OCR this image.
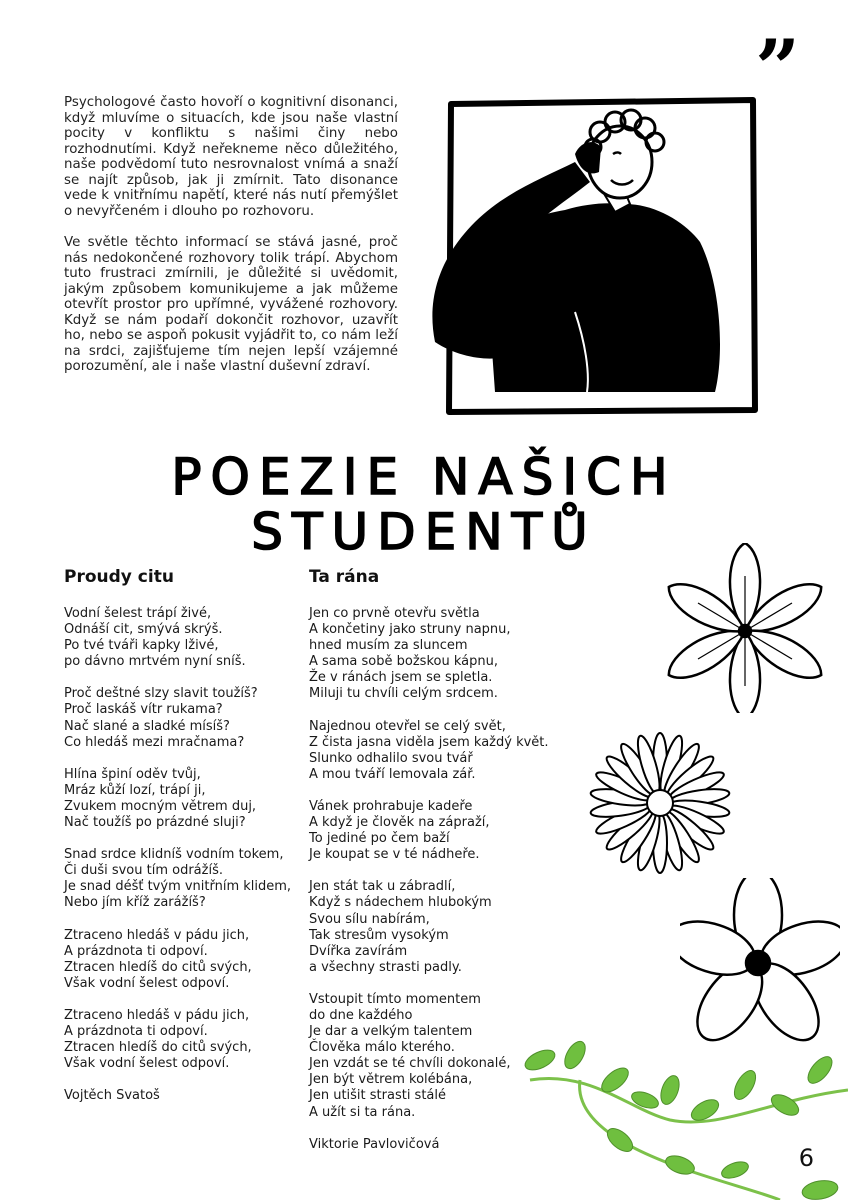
”

Psychologové často hovoří o kognitivní disonanci, když mluvíme o situacích, kde jsou naše vlastní pocity v konfliktu s našimi činy nebo rozhodnutími. Když neřekneme něco důležitého, naše podvědomí tuto nesrovnalost vnímá a snaží se najít způsob, jak ji zmírnit. Tato disonance vede k vnitřnímu napětí, které nás nutí přemýšlet o nevyřčeném i dlouho po rozhovoru.

Ve světle těchto informací se stává jasné, proč nás nedokončené rozhovory tolik trápí. Abychom tuto frustraci zmírnili, je důležité si uvědomit, jakým způsobem komunikujeme a jak můžeme otevřít prostor pro upřímné, vyvážené rozhovory. Když se nám podaří dokončit rozhovor, uzavřít ho, nebo se aspoň pokusit vyjádřit to, co nám leží na srdci, zajišťujeme tím nejen lepší vzájemné porozumění, ale i naše vlastní duševní zdraví.

POEZIE NAŠICH STUDENTŮ
Proudy citu
Vodní šelest trápí živé,
Odnáší cit, smývá skrýš.
Po tvé tváři kapky lživé,
po dávno mrtvém nyní sníš.
Proč deštné slzy slavit toužíš?
Proč laskáš vítr rukama?
Nač slané a sladké mísíš?
Co hledáš mezi mračnama?
Hlína špiní oděv tvůj,
Mráz kůží lozí, trápí ji,
Zvukem mocným větrem duj,
Nač toužíš po prázdné sluji?
Snad srdce klidníš vodním tokem,
Či duši svou tím odrážíš.
Je snad déšť tvým vnitřním klidem,
Nebo jím kříž zarážíš?
Ztraceno hledáš v pádu jich,
A prázdnota ti odpoví.
Ztracen hledíš do citů svých,
Však vodní šelest odpoví.
Ztraceno hledáš v pádu jich,
A prázdnota ti odpoví.
Ztracen hledíš do citů svých,
Však vodní šelest odpoví.
Vojtěch Svatoš
Ta rána
Jen co prvně otevřu světla
A končetiny jako struny napnu,
hned musím za sluncem
A sama sobě božskou kápnu,
Že v ránách jsem se spletla.
Miluji tu chvíli celým srdcem.
Najednou otevřel se celý svět,
Z čista jasna viděla jsem každý květ.
Slunko odhalilo svou tvář
A mou tváří lemovala zář.
Vánek prohrabuje kadeře
A když je člověk na zápraží,
To jediné po čem baží
Je koupat se v té nádheře.
Jen stát tak u zábradlí,
Když s nádechem hlubokým
Svou sílu nabírám,
Tak stresům vysokým
Dvířka zavírám
a všechny strasti padly.
Vstoupit tímto momentem
do dne každého
Je dar a velkým talentem
Člověka málo kterého.
Jen vzdát se té chvíli dokonalé,
Jen být větrem kolébána,
Jen utišit strasti stálé
A užít si ta rána.
Viktorie Pavlovičová	6
